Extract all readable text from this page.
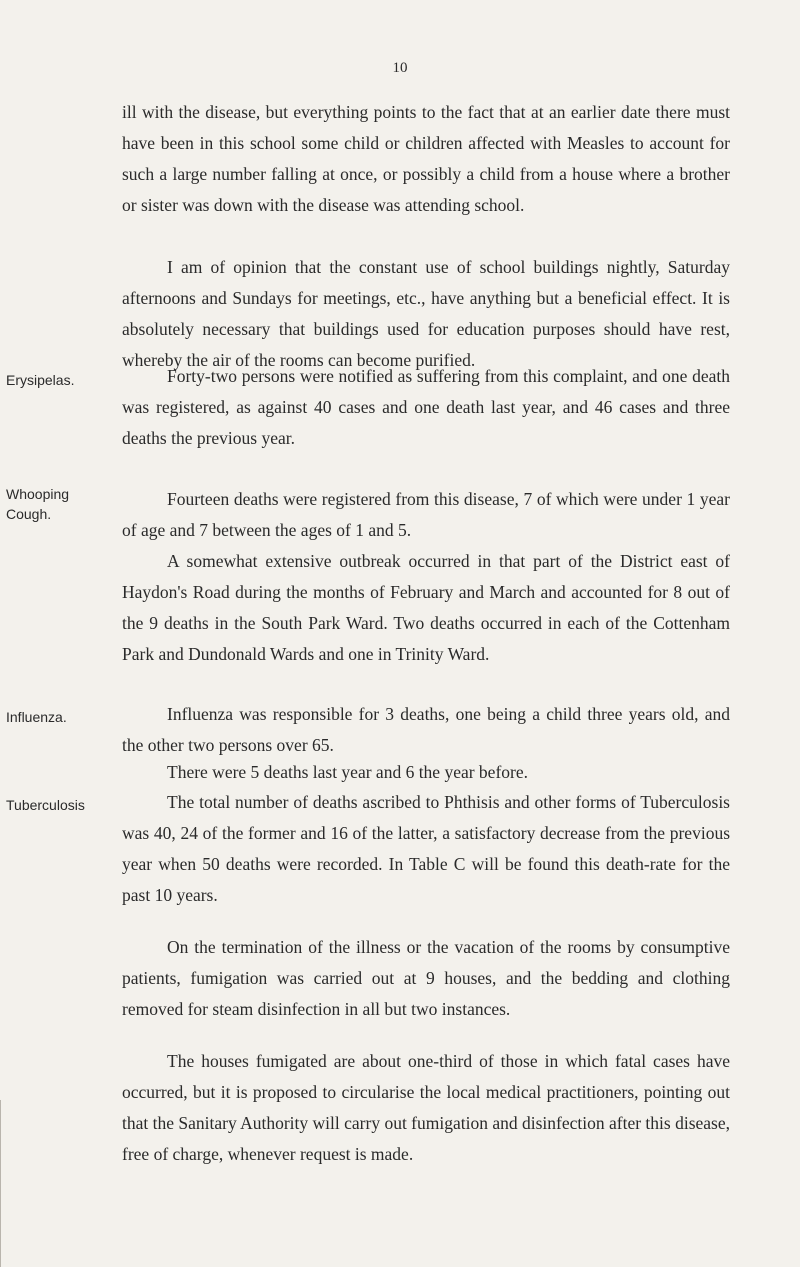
10

ill with the disease, but everything points to the fact that at an earlier date there must have been in this school some child or children affected with Measles to account for such a large number falling at once, or possibly a child from a house where a brother or sister was down with the disease was attending school.

I am of opinion that the constant use of school buildings nightly, Saturday afternoons and Sundays for meetings, etc., have anything but a beneficial effect. It is absolutely necessary that buildings used for education purposes should have rest, whereby the air of the rooms can become purified.

Erysipelas.	Forty-two persons were notified as suffering from this complaint, and one death was registered, as against 40 cases and one death last year, and 46 cases and three deaths the previous year.

Whooping
Cough.

Fourteen deaths were registered from this disease, 7 of which were under 1 year of age and 7 between the ages of 1 and 5.

A somewhat extensive outbreak occurred in that part of the District east of Haydon's Road during the months of February and March and accounted for 8 out of the 9 deaths in the South Park Ward. Two deaths occurred in each of the Cottenham Park and Dundonald Wards and one in Trinity Ward.

Influenza.	Influenza was responsible for 3 deaths, one being a child three years old, and the other two persons over 65.

There were 5 deaths last year and 6 the year before.

Tuberculosis	The total number of deaths ascribed to Phthisis and other forms of Tuberculosis was 40, 24 of the former and 16 of the latter, a satisfactory decrease from the previous year when 50 deaths were recorded. In Table C will be found this death-rate for the past 10 years.

On the termination of the illness or the vacation of the rooms by consumptive patients, fumigation was carried out at 9 houses, and the bedding and clothing removed for steam disinfection in all but two instances.

The houses fumigated are about one-third of those in which fatal cases have occurred, but it is proposed to circularise the local medical practitioners, pointing out that the Sanitary Authority will carry out fumigation and disinfection after this disease, free of charge, whenever request is made.
